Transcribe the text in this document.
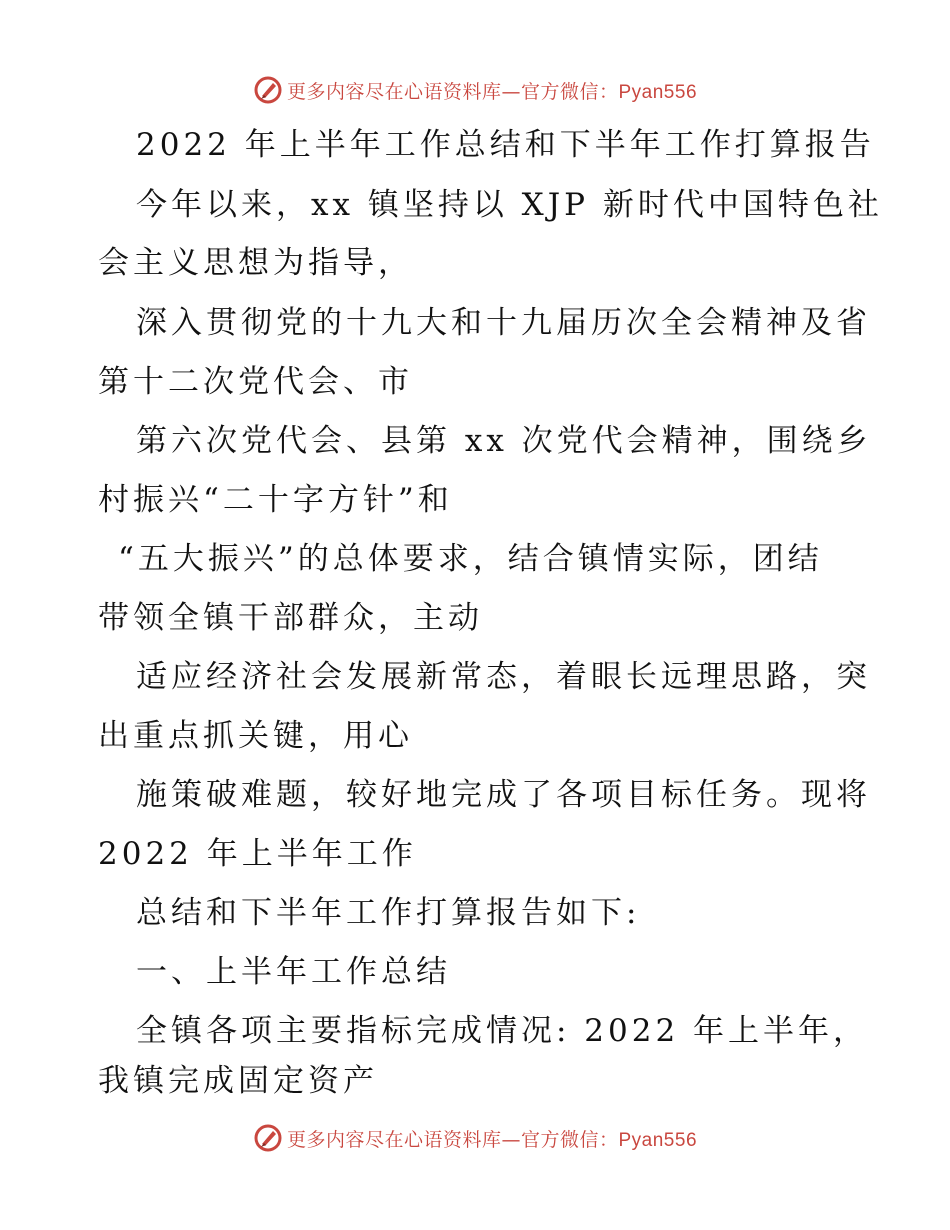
更多内容尽在心语资料库—官方微信：Pyan556
2022 年上半年工作总结和下半年工作打算报告
今年以来，xx 镇坚持以 XJP 新时代中国特色社
会主义思想为指导，
深入贯彻党的十九大和十九届历次全会精神及省
第十二次党代会、市
第六次党代会、县第 xx 次党代会精神，围绕乡
村振兴“二十字方针”和
“五大振兴”的总体要求，结合镇情实际，团结
带领全镇干部群众，主动
适应经济社会发展新常态，着眼长远理思路，突
出重点抓关键，用心
施策破难题，较好地完成了各项目标任务。现将
2022 年上半年工作
总结和下半年工作打算报告如下:
一、上半年工作总结
全镇各项主要指标完成情况: 2022 年上半年，
我镇完成固定资产
更多内容尽在心语资料库—官方微信：Pyan556
